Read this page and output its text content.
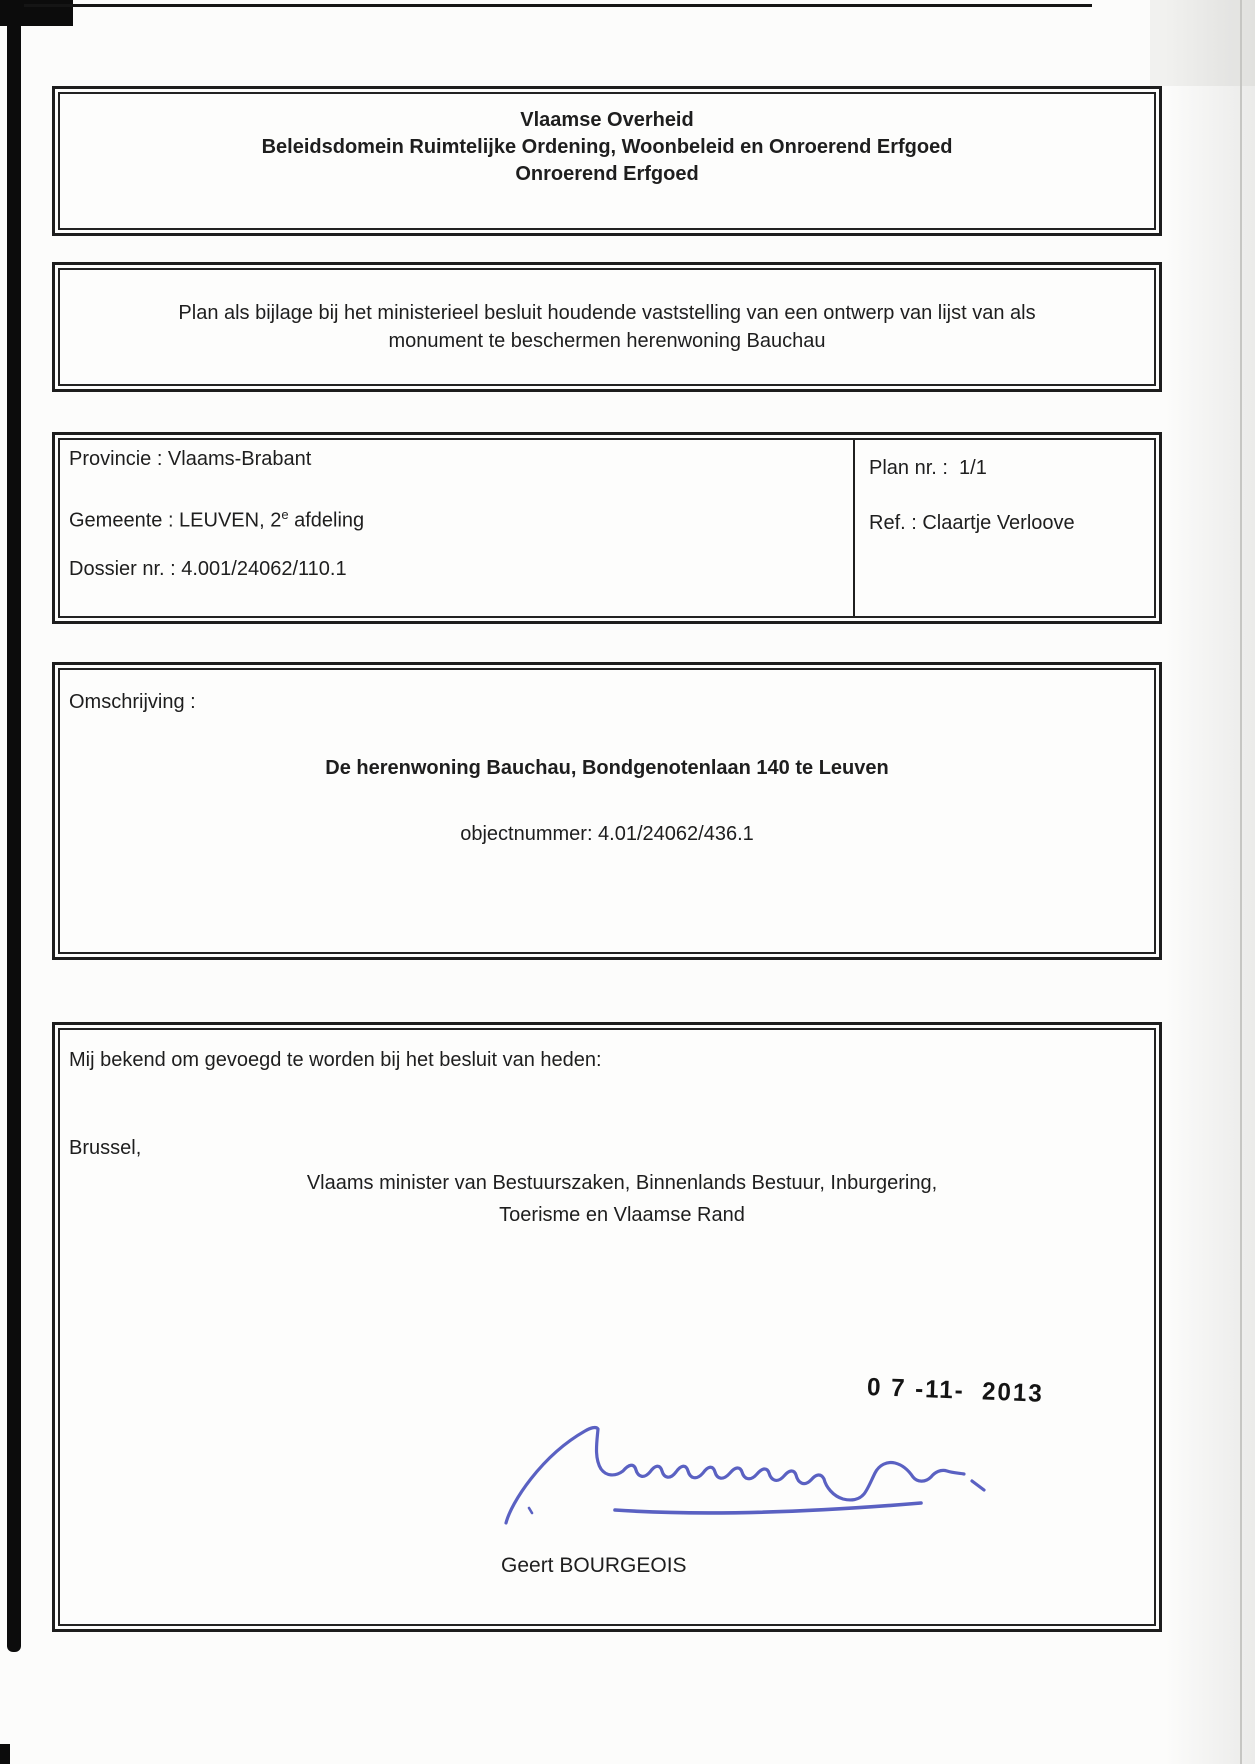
Vlaamse Overheid
Beleidsdomein Ruimtelijke Ordening, Woonbeleid en Onroerend Erfgoed
Onroerend Erfgoed
Plan als bijlage bij het ministerieel besluit houdende vaststelling van een ontwerp van lijst van als
monument te beschermen herenwoning Bauchau
Provincie : Vlaams-Brabant
Gemeente : LEUVEN, 2e afdeling
Dossier nr. : 4.001/24062/110.1
Plan nr. :  1/1
Ref. : Claartje Verloove
Omschrijving :
De herenwoning Bauchau, Bondgenotenlaan 140 te Leuven
objectnummer: 4.01/24062/436.1
Mij bekend om gevoegd te worden bij het besluit van heden:
Brussel,
Vlaams minister van Bestuurszaken, Binnenlands Bestuur, Inburgering,
Toerisme en Vlaamse Rand
0 7 -11-  2013
Geert BOURGEOIS
